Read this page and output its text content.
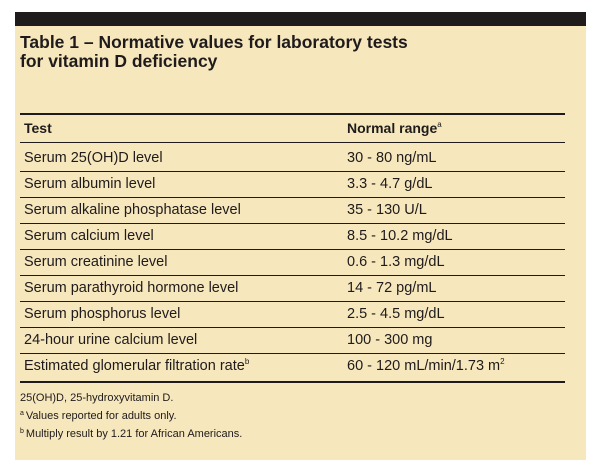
Table 1 – Normative values for laboratory tests
for vitamin D deficiency
Test	Normal range$^a$
Serum 25(OH)D level	30 - 80 ng/mL
Serum albumin level	3.3 - 4.7 g/dL
Serum alkaline phosphatase level	35 - 130 U/L
Serum calcium level	8.5 - 10.2 mg/dL
Serum creatinine level	0.6 - 1.3 mg/dL
Serum parathyroid hormone level	14 - 72 pg/mL
Serum phosphorus level	2.5 - 4.5 mg/dL
24-hour urine calcium level	100 - 300 mg
Estimated glomerular filtration rate$^b$	60 - 120 mL/min/1.73 $m^2$
25(OH)D, 25-hydroxyvitamin D.
$^a$ Values reported for adults only.
$^b$ Multiply result by 1.21 for African Americans.
